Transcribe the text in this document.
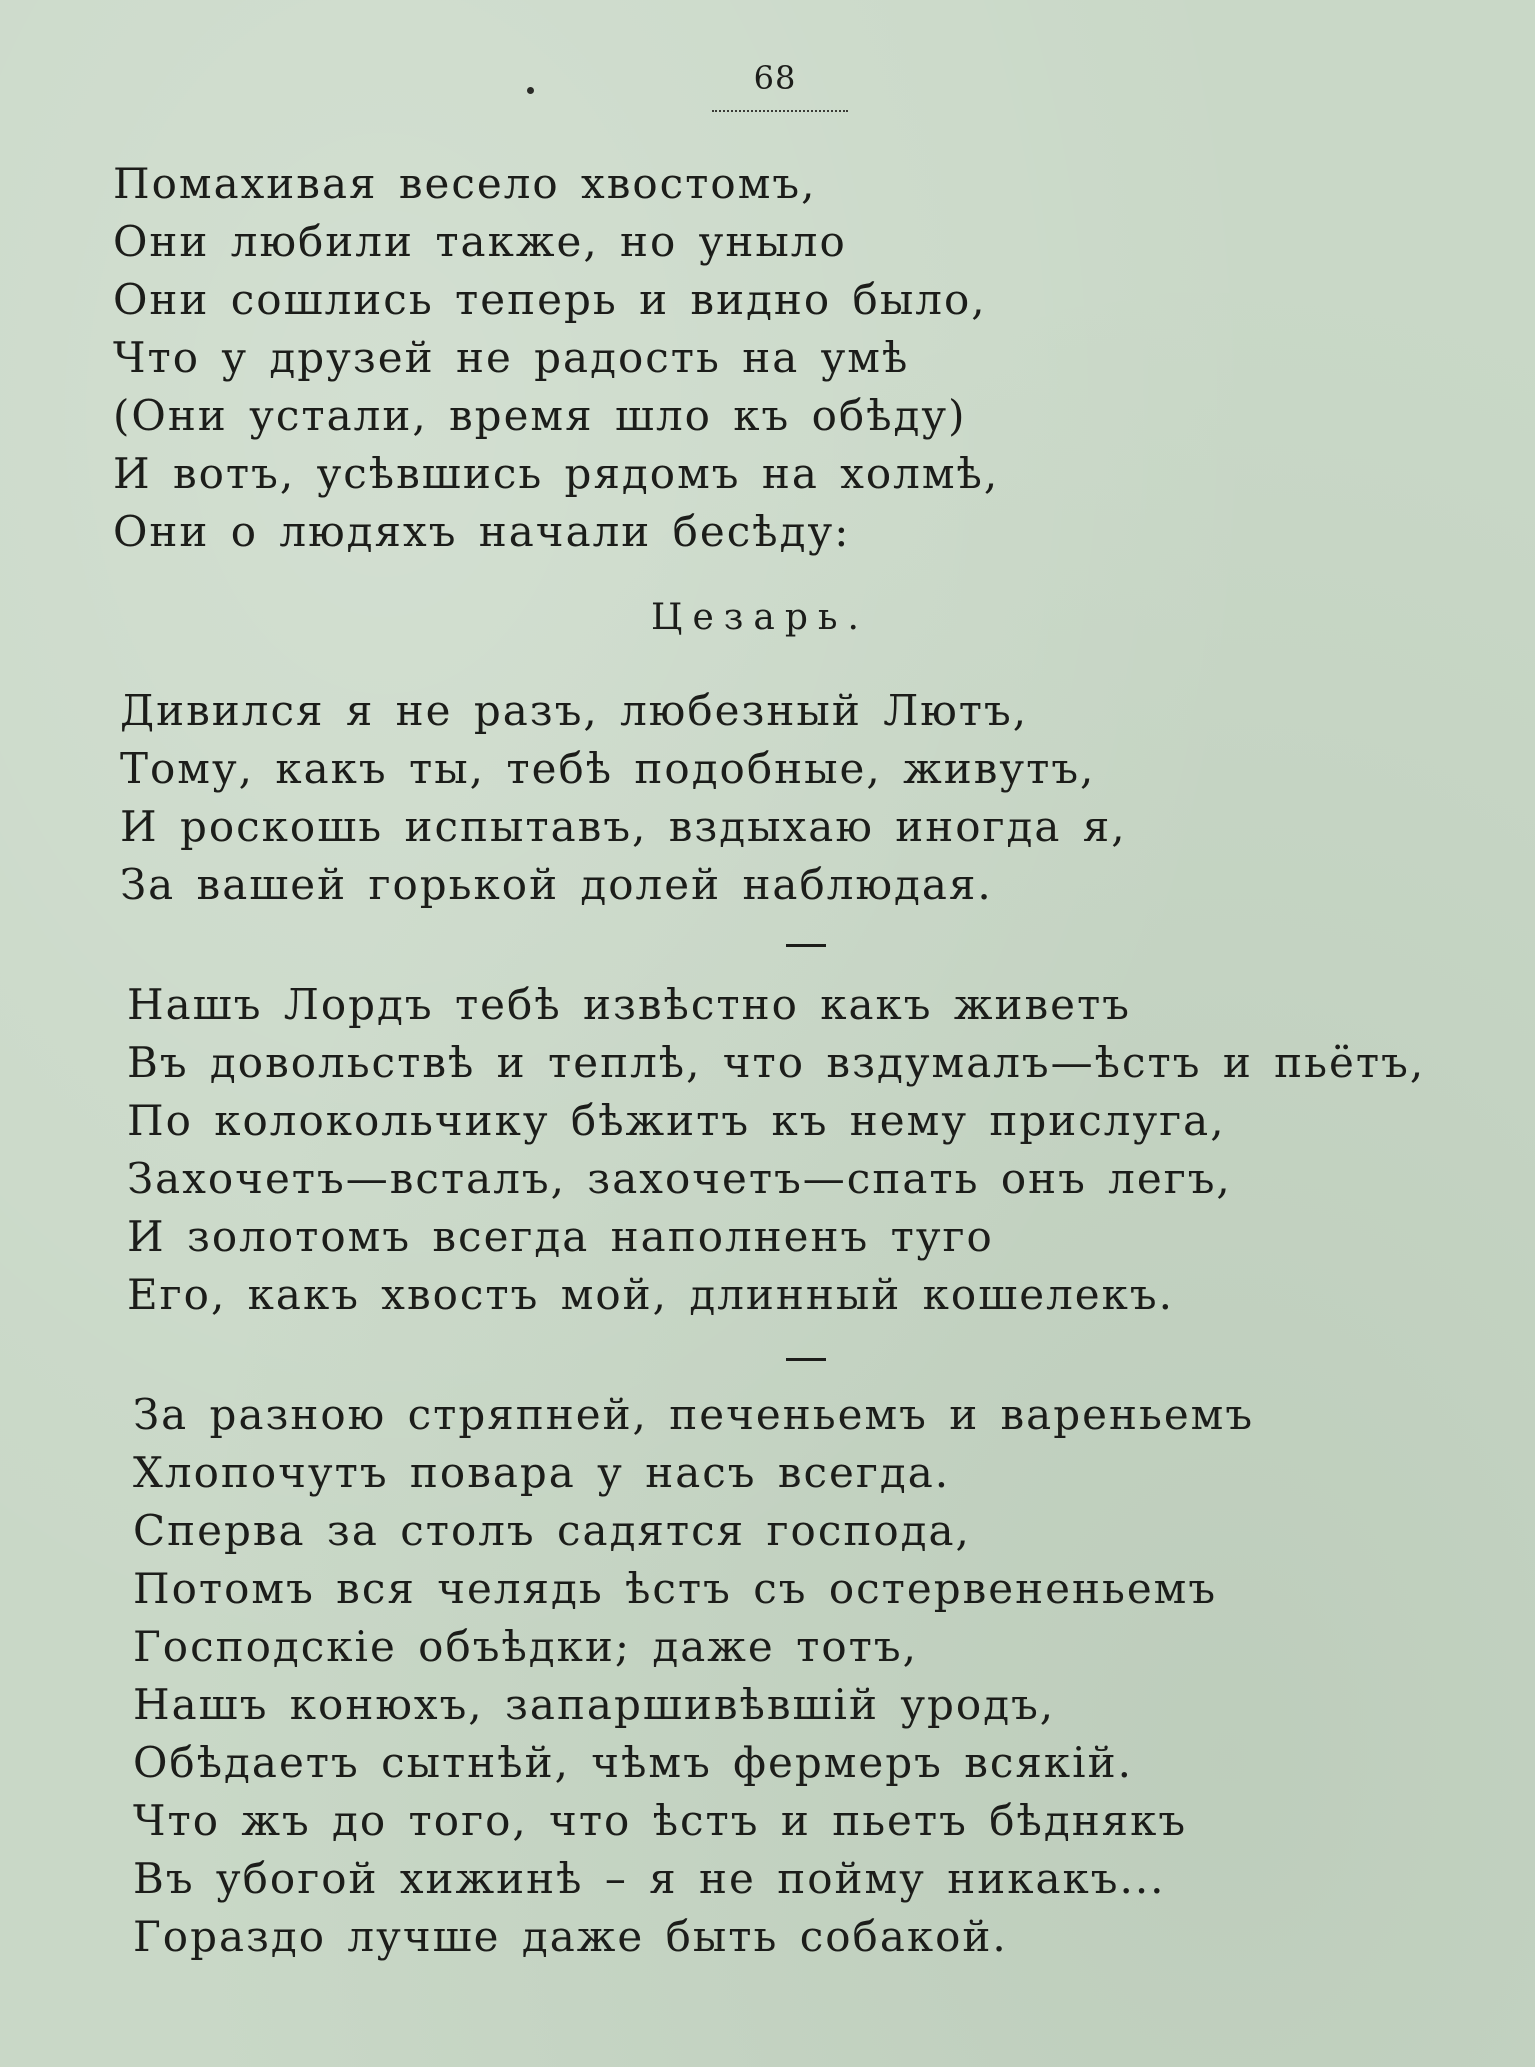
68
Помахивая весело хвостомъ,
Они любили также, но уныло
Они сошлись теперь и видно было,
Что у друзей не радость на умѣ
(Они устали, время шло къ обѣду)
И вотъ, усѣвшись рядомъ на холмѣ,
Они о людяхъ начали бесѣду:
Цезарь.
Дивился я не разъ, любезный Лютъ,
Тому, какъ ты, тебѣ подобные, живутъ,
И роскошь испытавъ, вздыхаю иногда я,
За вашей горькой долей наблюдая.
Нашъ Лордъ тебѣ извѣстно какъ живетъ
Въ довольствѣ и теплѣ, что вздумалъ—ѣстъ и пьётъ,
По колокольчику бѣжитъ къ нему прислуга,
Захочетъ—всталъ, захочетъ—спать онъ легъ,
И золотомъ всегда наполненъ туго
Его, какъ хвостъ мой, длинный кошелекъ.
За разною стряпней, печеньемъ и вареньемъ
Хлопочутъ повара у насъ всегда.
Сперва за столъ садятся господа,
Потомъ вся челядь ѣстъ съ остервененьемъ
Господскіе объѣдки; даже тотъ,
Нашъ конюхъ, запаршивѣвшій уродъ,
Обѣдаетъ сытнѣй, чѣмъ фермеръ всякій.
Что жъ до того, что ѣстъ и пьетъ бѣднякъ
Въ убогой хижинѣ – я не пойму никакъ...
Гораздо лучше даже быть собакой.
